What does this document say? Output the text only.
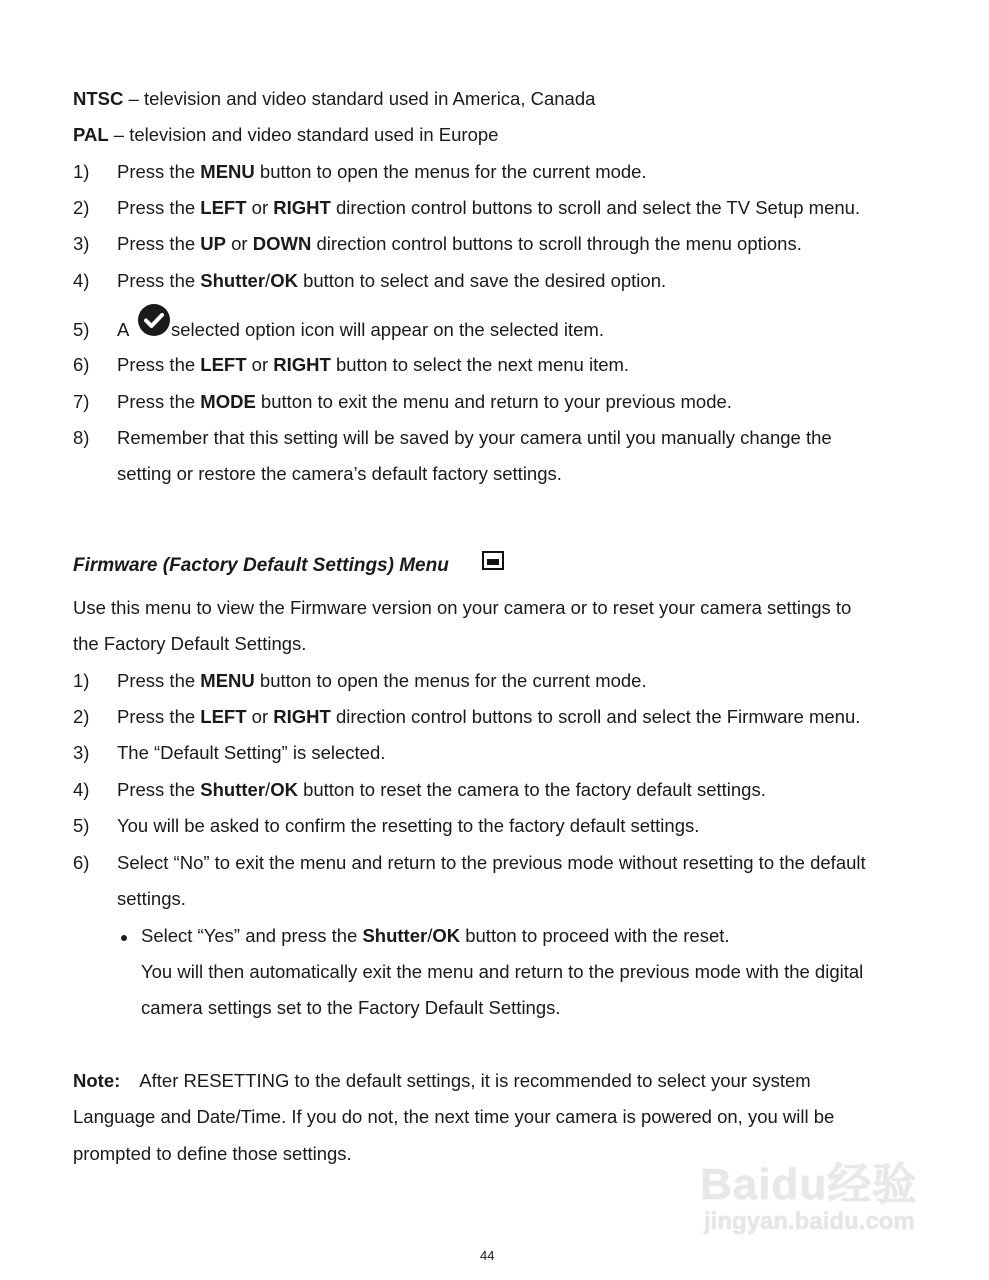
NTSC – television and video standard used in America, Canada
PAL – television and video standard used in Europe
1) Press the MENU button to open the menus for the current mode.
2) Press the LEFT or RIGHT direction control buttons to scroll and select the TV Setup menu.
3) Press the UP or DOWN direction control buttons to scroll through the menu options.
4) Press the Shutter/OK button to select and save the desired option.
5) A selected option icon will appear on the selected item.
6) Press the LEFT or RIGHT button to select the next menu item.
7) Press the MODE button to exit the menu and return to your previous mode.
8) Remember that this setting will be saved by your camera until you manually change the
setting or restore the camera’s default factory settings.
Firmware (Factory Default Settings) Menu
Use this menu to view the Firmware version on your camera or to reset your camera settings to
the Factory Default Settings.
1) Press the MENU button to open the menus for the current mode.
2) Press the LEFT or RIGHT direction control buttons to scroll and select the Firmware menu.
3) The “Default Setting” is selected.
4) Press the Shutter/OK button to reset the camera to the factory default settings.
5) You will be asked to confirm the resetting to the factory default settings.
6) Select “No” to exit the menu and return to the previous mode without resetting to the default
settings.
Select “Yes” and press the Shutter/OK button to proceed with the reset.
You will then automatically exit the menu and return to the previous mode with the digital
camera settings set to the Factory Default Settings.
Note: After RESETTING to the default settings, it is recommended to select your system
Language and Date/Time. If you do not, the next time your camera is powered on, you will be
prompted to define those settings.
Baidu经验
jingyan.baidu.com
44
